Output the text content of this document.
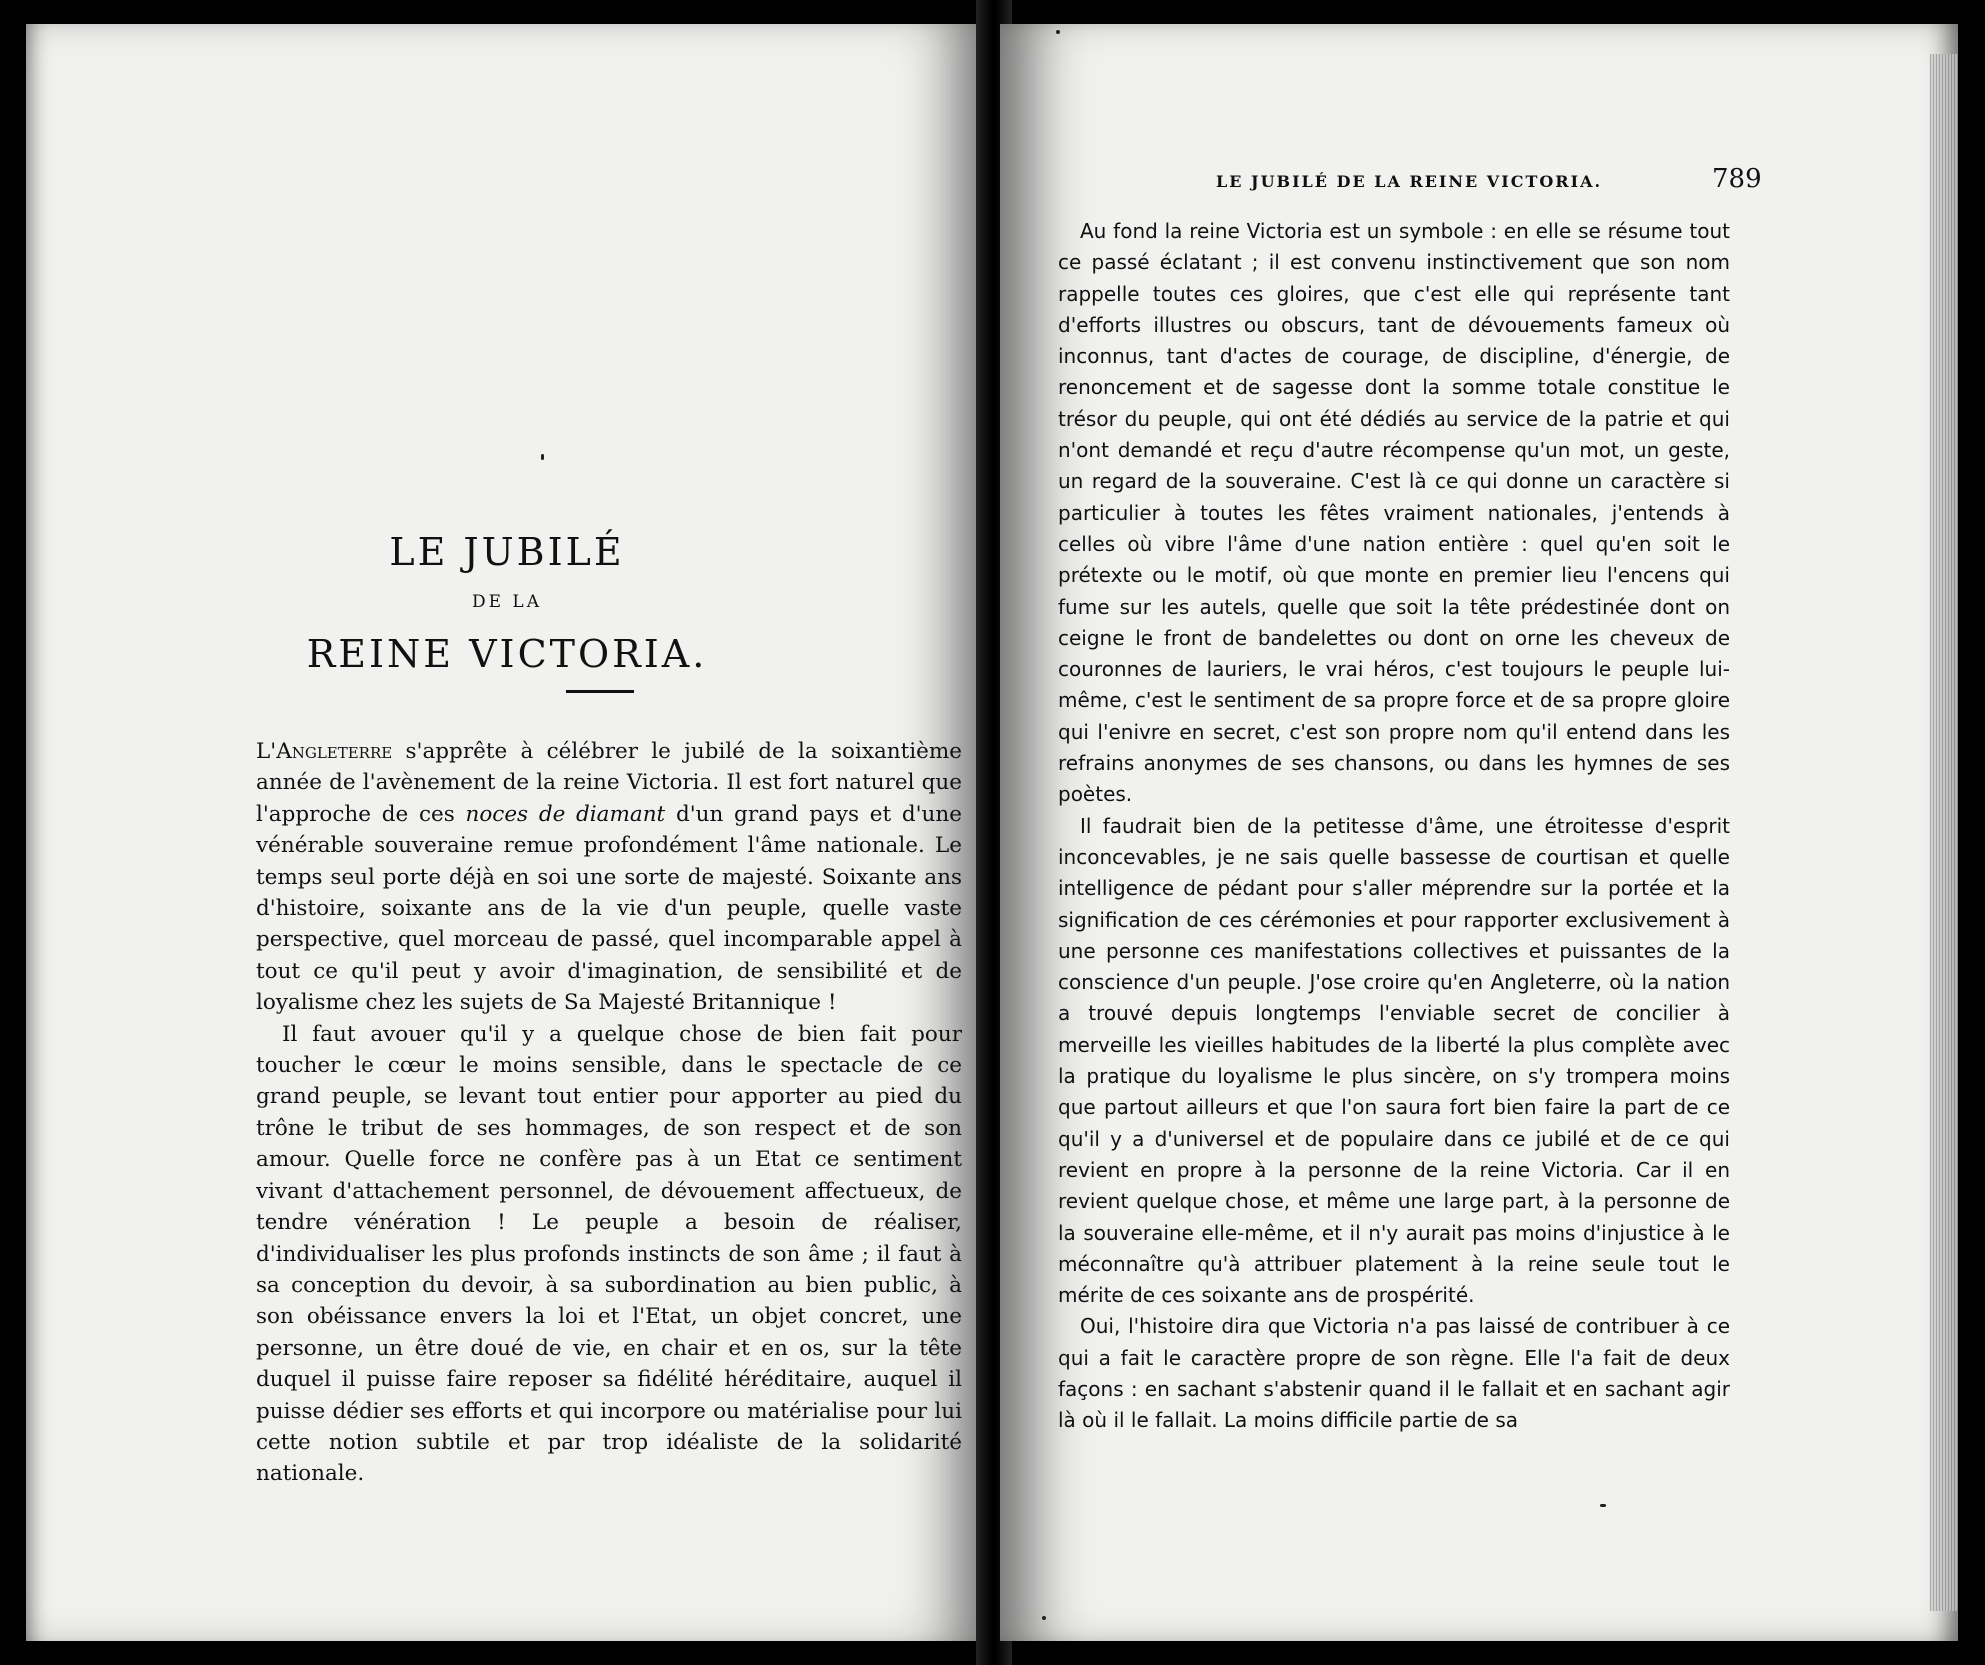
LE JUBILÉ
DE LA
REINE VICTORIA.

L'Angleterre s'apprête à célébrer le jubilé de la soixantième année de l'avènement de la reine Victoria. Il est fort naturel que l'approche de ces noces de diamant d'un grand pays et d'une vénérable souveraine remue profondément l'âme nationale. Le temps seul porte déjà en soi une sorte de majesté. Soixante ans d'histoire, soixante ans de la vie d'un peuple, quelle vaste perspective, quel morceau de passé, quel incomparable appel à tout ce qu'il peut y avoir d'imagination, de sensibilité et de loyalisme chez les sujets de Sa Majesté Britannique !

Il faut avouer qu'il y a quelque chose de bien fait pour toucher le cœur le moins sensible, dans le spectacle de ce grand peuple, se levant tout entier pour apporter au pied du trône le tribut de ses hommages, de son respect et de son amour. Quelle force ne confère pas à un Etat ce sentiment vivant d'attachement personnel, de dévouement affectueux, de tendre vénération ! Le peuple a besoin de réaliser, d'individualiser les plus profonds instincts de son âme ; il faut à sa conception du devoir, à sa subordination au bien public, à son obéissance envers la loi et l'Etat, un objet concret, une personne, un être doué de vie, en chair et en os, sur la tête duquel il puisse faire reposer sa fidélité héréditaire, auquel il puisse dédier ses efforts et qui incorpore ou matérialise pour lui cette notion subtile et par trop idéaliste de la solidarité nationale.

LE JUBILÉ DE LA REINE VICTORIA.	789

Au fond la reine Victoria est un symbole : en elle se résume tout ce passé éclatant ; il est convenu instinctivement que son nom rappelle toutes ces gloires, que c'est elle qui représente tant d'efforts illustres ou obscurs, tant de dévouements fameux où inconnus, tant d'actes de courage, de discipline, d'énergie, de renoncement et de sagesse dont la somme totale constitue le trésor du peuple, qui ont été dédiés au service de la patrie et qui n'ont demandé et reçu d'autre récompense qu'un mot, un geste, un regard de la souveraine. C'est là ce qui donne un caractère si particulier à toutes les fêtes vraiment nationales, j'entends à celles où vibre l'âme d'une nation entière : quel qu'en soit le prétexte ou le motif, où que monte en premier lieu l'encens qui fume sur les autels, quelle que soit la tête prédestinée dont on ceigne le front de bandelettes ou dont on orne les cheveux de couronnes de lauriers, le vrai héros, c'est toujours le peuple lui-même, c'est le sentiment de sa propre force et de sa propre gloire qui l'enivre en secret, c'est son propre nom qu'il entend dans les refrains anonymes de ses chansons, ou dans les hymnes de ses poètes.

Il faudrait bien de la petitesse d'âme, une étroitesse d'esprit inconcevables, je ne sais quelle bassesse de courtisan et quelle intelligence de pédant pour s'aller méprendre sur la portée et la signification de ces cérémonies et pour rapporter exclusivement à une personne ces manifestations collectives et puissantes de la conscience d'un peuple. J'ose croire qu'en Angleterre, où la nation a trouvé depuis longtemps l'enviable secret de concilier à merveille les vieilles habitudes de la liberté la plus complète avec la pratique du loyalisme le plus sincère, on s'y trompera moins que partout ailleurs et que l'on saura fort bien faire la part de ce qu'il y a d'universel et de populaire dans ce jubilé et de ce qui revient en propre à la personne de la reine Victoria. Car il en revient quelque chose, et même une large part, à la personne de la souveraine elle-même, et il n'y aurait pas moins d'injustice à le méconnaître qu'à attribuer platement à la reine seule tout le mérite de ces soixante ans de prospérité.

Oui, l'histoire dira que Victoria n'a pas laissé de contribuer à ce qui a fait le caractère propre de son règne. Elle l'a fait de deux façons : en sachant s'abstenir quand il le fallait et en sachant agir là où il le fallait. La moins difficile partie de sa
